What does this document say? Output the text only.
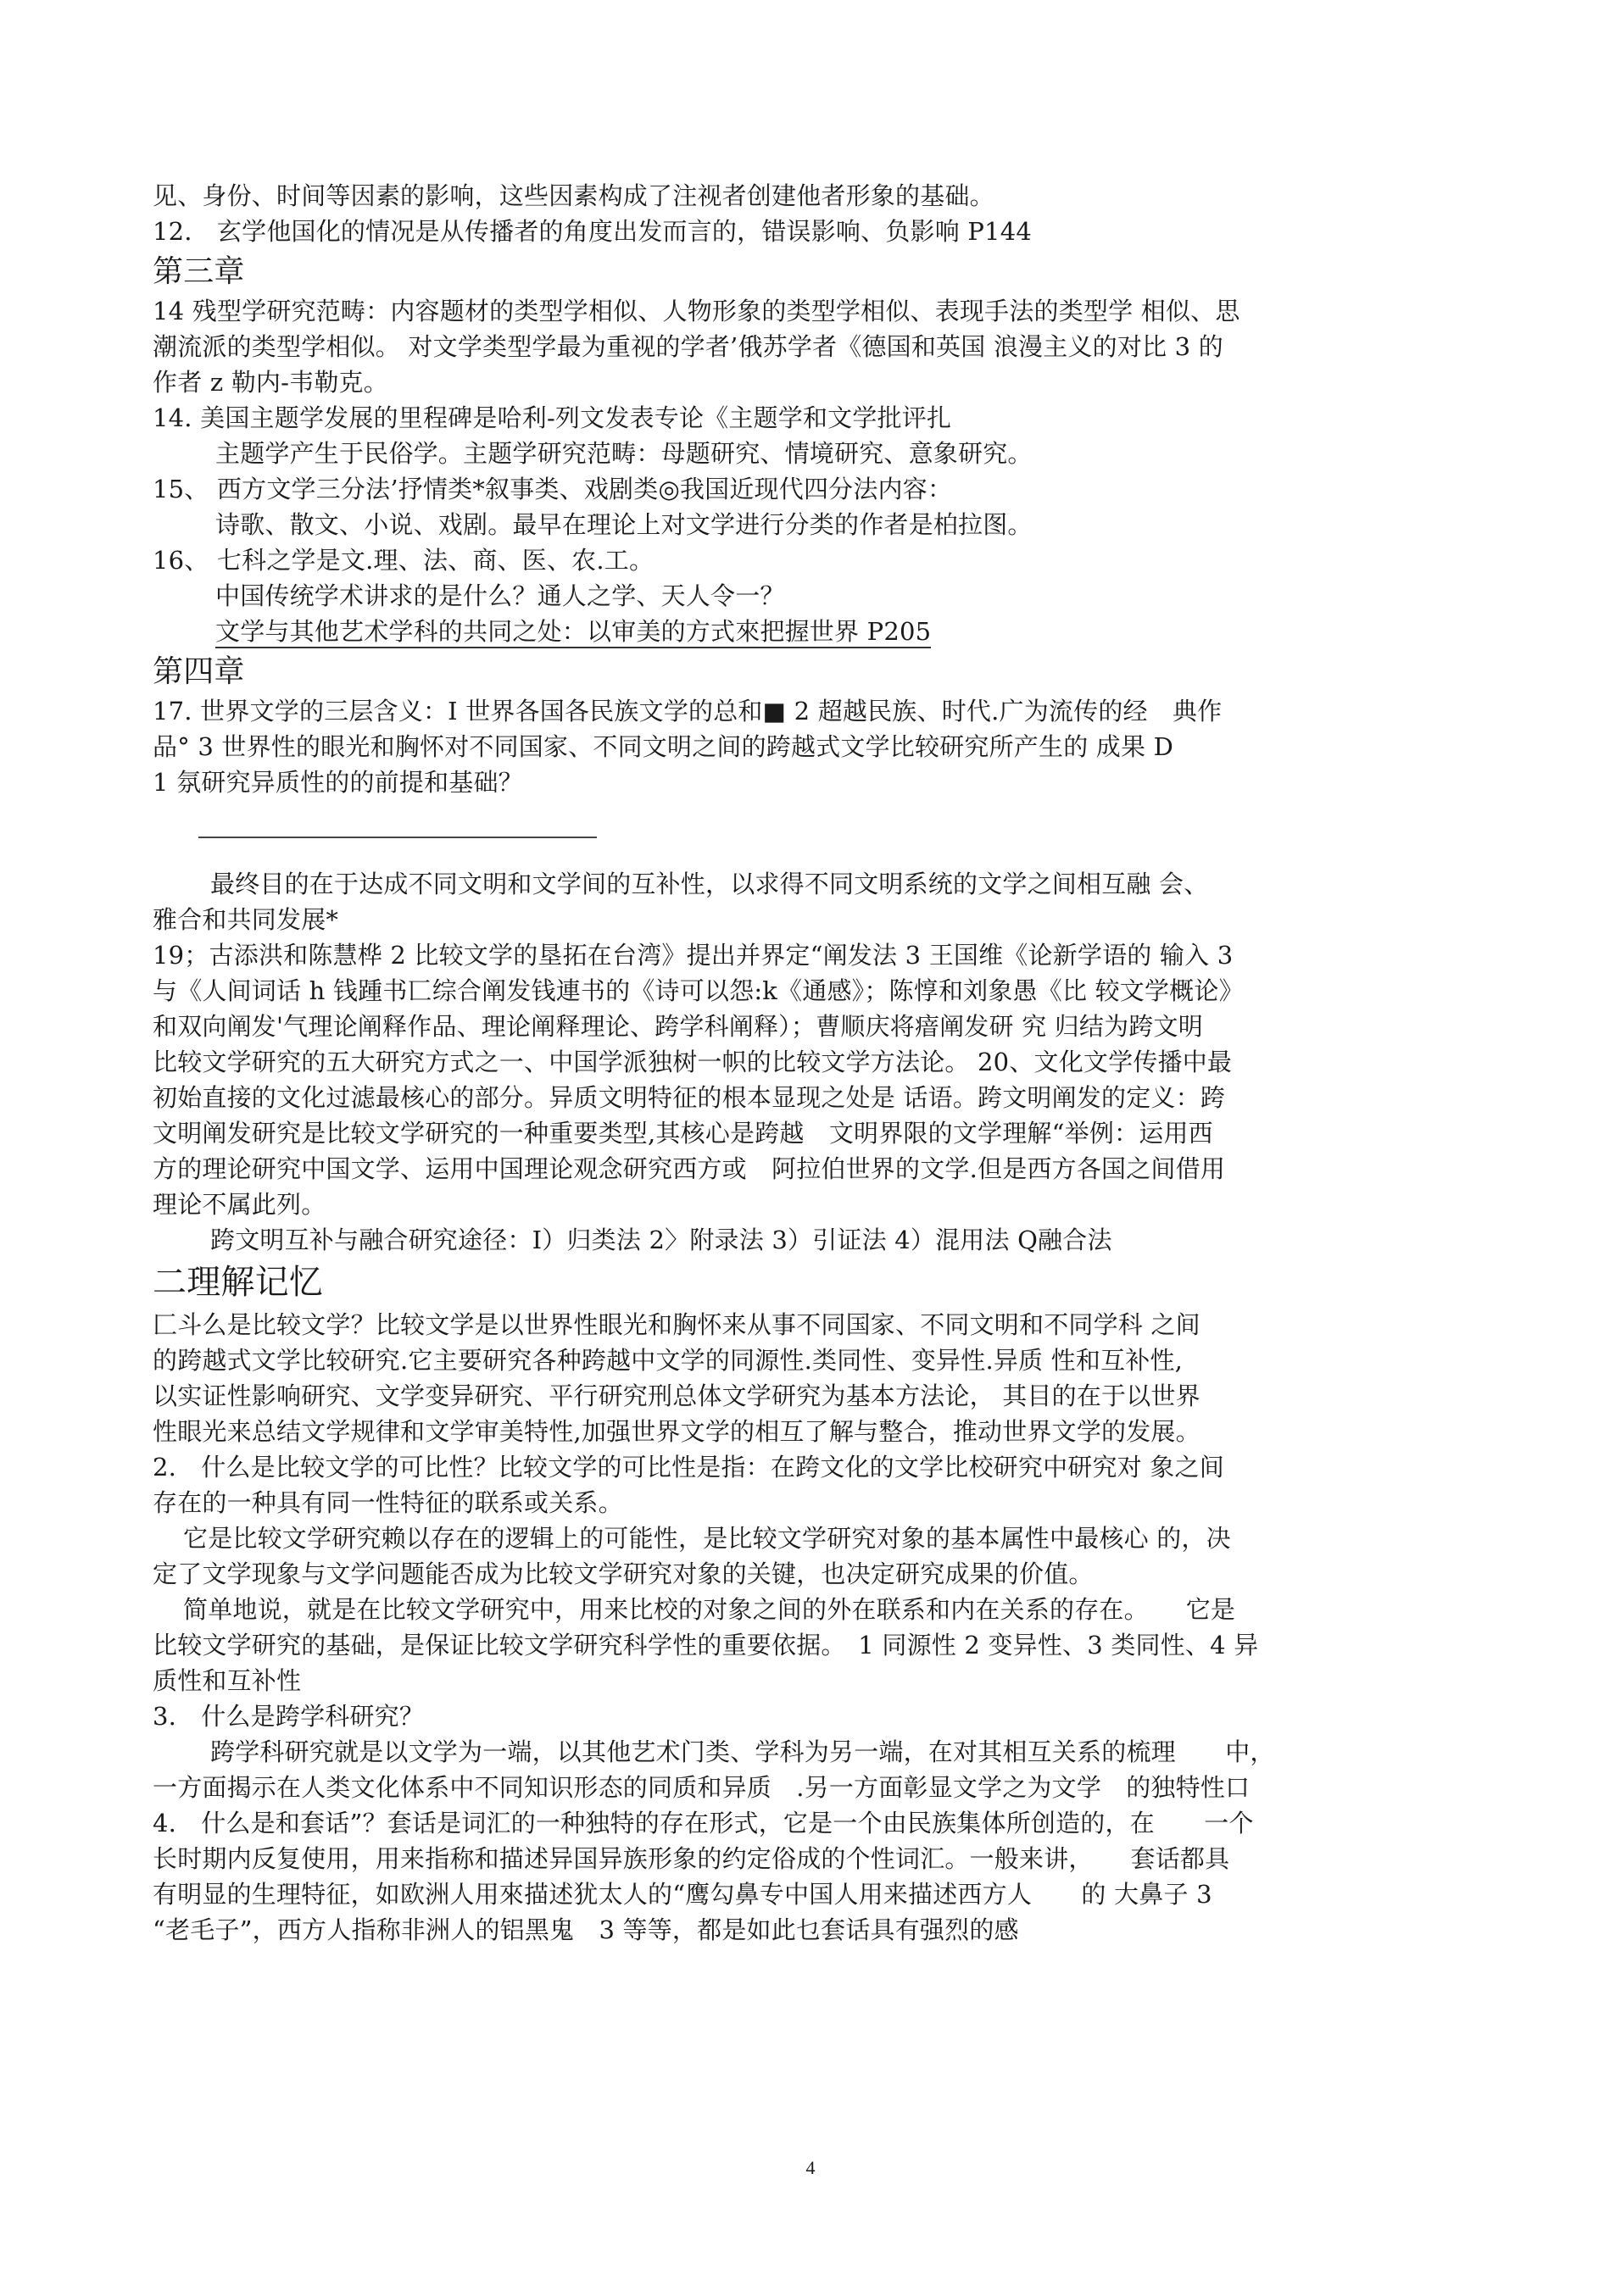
见、身份、时间等因素的影响，这些因素构成了注视者创建他者形象的基础。
12.　玄学他国化的情况是从传播者的角度出发而言的，错误影响、负影响 P144
第三章
14 残型学研究范畴：内容题材的类型学相似、人物形象的类型学相似、表现手法的类型学 相似、思
潮流派的类型学相似。 对文学类型学最为重视的学者’俄苏学者《德国和英国 浪漫主义的对比 3 的
作者 z 勒内-韦勒克。
14. 美国主题学发展的里程碑是哈利-列文发表专论《主题学和文学批评扎
主题学产生于民俗学。主题学研究范畴：母题研究、情境研究、意象研究。
15、 西方文学三分法’抒情类*叙事类、戏剧类◎我国近现代四分法内容：
诗歌、散文、小说、戏剧。最早在理论上对文学进行分类的作者是柏拉图。
16、 七科之学是文.理、法、商、医、农.工。
中国传统学术讲求的是什么？通人之学、天人令一？
文学与其他艺术学科的共同之处：以审美的方式來把握世界 P205
第四章
17. 世界文学的三层含义：I 世界各国各民族文学的总和■ 2 超越民族、时代.广为流传的经　典作
品° 3 世界性的眼光和胸怀对不同国家、不同文明之间的跨越式文学比较研究所产生的 成果 D
1 氛研究异质性的的前提和基础？
最终目的在于达成不同文明和文学间的互补性，以求得不同文明系统的文学之间相互融 会、
雅合和共同发展*
19；古添洪和陈慧桦 2 比较文学的垦拓在台湾》提出并界定“阐发法 3 王国维《论新学语的 输入 3
与《人间词话 h 钱踵书匸综合阐发钱連书的《诗可以怨:k《通感》；陈惇和刘象愚《比 较文学概论》
和双向阐发'气理论阐释作品、理论阐释理论、跨学科阐释）；曹顺庆将瘖阐发研 究 归结为跨文明
比较文学研究的五大研究方式之一、中国学派独树一帜的比较文学方法论。 20、文化文学传播中最
初始直接的文化过滤最核心的部分。异质文明特征的根本显现之处是 话语。跨文明阐发的定义：跨
文明阐发研究是比较文学研究的一种重要类型,其核心是跨越　文明界限的文学理解“举例：运用西
方的理论研究中国文学、运用中国理论观念研究西方或　阿拉伯世界的文学.但是西方各国之间借用
理论不属此列。
跨文明互补与融合研究途径：I）归类法 2〉附录法 3）引证法 4）混用法 Q融合法
二理解记忆
匚斗么是比较文学？比较文学是以世界性眼光和胸怀来从事不同国家、不同文明和不同学科 之间
的跨越式文学比较研究.它主要研究各种跨越中文学的同源性.类同性、变异性.异质 性和互补性,
以实证性影响研究、文学变异研究、平行研究刑总体文学研究为基本方法论， 其目的在于以世界
性眼光来总结文学规律和文学审美特性,加强世界文学的相互了解与整合，推动世界文学的发展。
2.　什么是比较文学的可比性？比较文学的可比性是指：在跨文化的文学比校研究中研究对 象之间
存在的一种具有同一性特征的联系或关系。
它是比较文学研究赖以存在的逻辑上的可能性，是比较文学研究对象的基本属性中最核心 的，决
定了文学现象与文学问题能否成为比较文学研究对象的关键，也决定研究成果的价值。
简单地说，就是在比较文学研究中，用来比校的对象之间的外在联系和内在关系的存在。　　它是
比较文学研究的基础，是保证比较文学研究科学性的重要依据。　1 同源性 2 变异性、3 类同性、4 异
质性和互补性
3.　什么是跨学科研究？
跨学科研究就是以文学为一端，以其他艺术门类、学科为另一端，在对其相互关系的梳理　　中，
一方面揭示在人类文化体系中不同知识形态的同质和异质　.另一方面彰显文学之为文学　的独特性口
4.　什么是和套话”？套话是词汇的一种独特的存在形式，它是一个由民族集体所创造的，在　　一个
长时期内反复使用，用来指称和描述异国异族形象的约定俗成的个性词汇。一般来讲，　　套话都具
有明显的生理特征，如欧洲人用來描述犹太人的“鹰勾鼻专中国人用来描述西方人　　的 大鼻子 3
“老毛子”，西方人指称非洲人的铝黑鬼　3 等等，都是如此乜套话具有强烈的感
4
